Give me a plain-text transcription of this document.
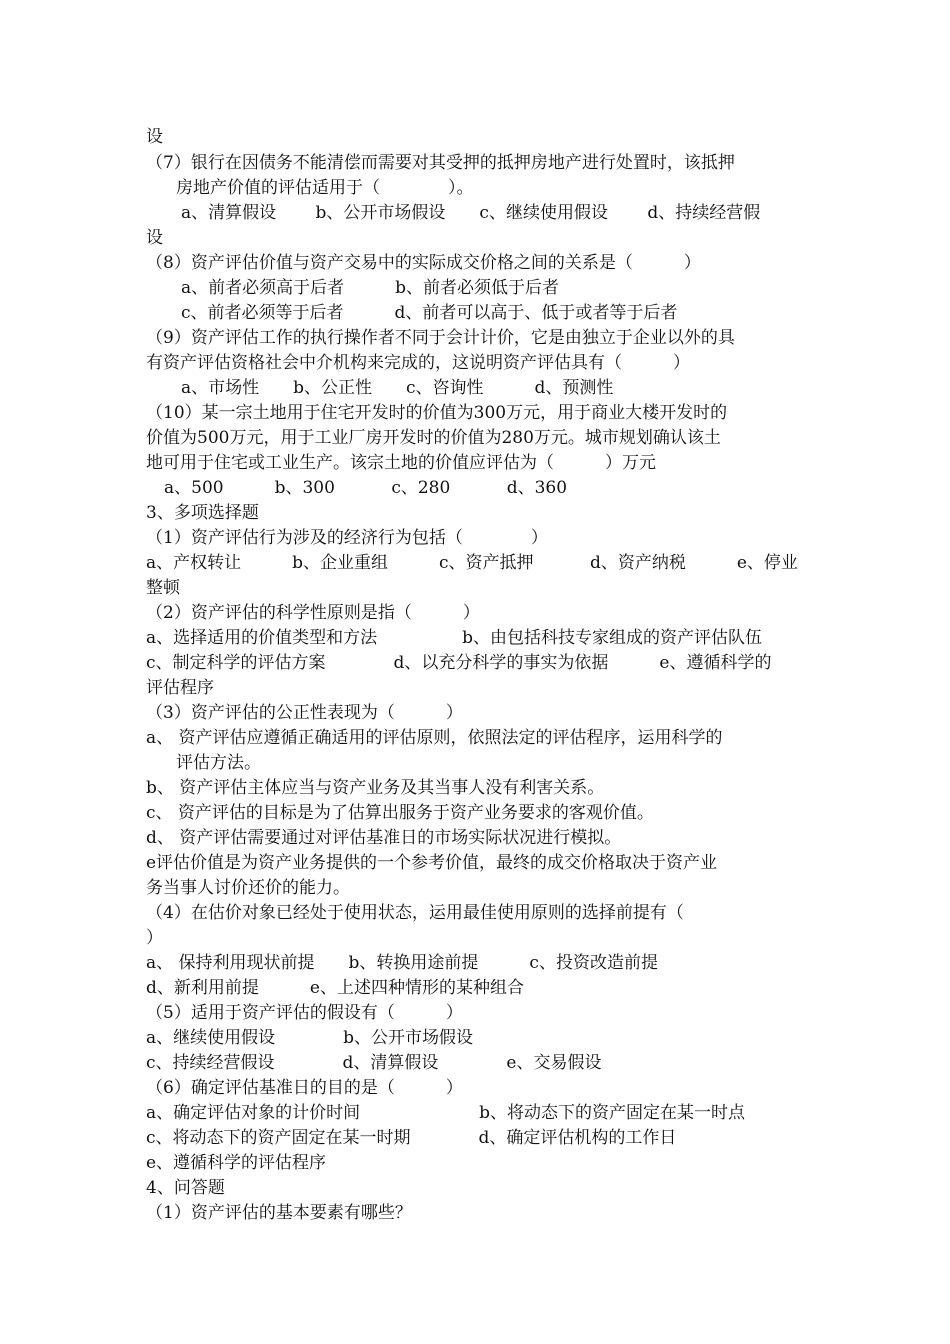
设
（7）银行在因债务不能清偿而需要对其受押的抵押房地产进行处置时，该抵押
房地产价值的评估适用于（　　　　）。
a、清算假设　　 b、公开市场假设　　c、继续使用假设　　 d、持续经营假
设
（8）资产评估价值与资产交易中的实际成交价格之间的关系是（　　　）
a、前者必须高于后者　　　b、前者必须低于后者
c、前者必须等于后者　　　d、前者可以高于、低于或者等于后者
（9）资产评估工作的执行操作者不同于会计计价，它是由独立于企业以外的具
有资产评估资格社会中介机构来完成的，这说明资产评估具有（　　　）
a、市场性　　b、公正性　　c、咨询性　　　d、预测性
（10）某一宗土地用于住宅开发时的价值为300万元，用于商业大楼开发时的
价值为500万元，用于工业厂房开发时的价值为280万元。城市规划确认该土
地可用于住宅或工业生产。该宗土地的价值应评估为（　　　）万元
a、500　　　b、300　　　 c、280　　　 d、360
3、多项选择题
（1）资产评估行为涉及的经济行为包括（　　　　）
a、产权转让　　　b、企业重组　　　c、资产抵押　　　 d、资产纳税　　　e、停业
整顿
（2）资产评估的科学性原则是指（　　　）
a、选择适用的价值类型和方法　　　　　b、由包括科技专家组成的资产评估队伍
c、制定科学的评估方案　　　　d、以充分科学的事实为依据　　　e、遵循科学的
评估程序
（3）资产评估的公正性表现为（　　　）
a、 资产评估应遵循正确适用的评估原则，依照法定的评估程序，运用科学的
评估方法。
b、 资产评估主体应当与资产业务及其当事人没有利害关系。
c、 资产评估的目标是为了估算出服务于资产业务要求的客观价值。
d、 资产评估需要通过对评估基准日的市场实际状况进行模拟。
e评估价值是为资产业务提供的一个参考价值，最终的成交价格取决于资产业
务当事人讨价还价的能力。
（4）在估价对象已经处于使用状态，运用最佳使用原则的选择前提有（
）
a、 保持利用现状前提　　b、转换用途前提　　　c、投资改造前提
d、新利用前提　　　e、上述四种情形的某种组合
（5）适用于资产评估的假设有（　　　）
a、继续使用假设　　　　b、公开市场假设
c、持续经营假设　　　　d、清算假设　　　　e、交易假设
（6）确定评估基准日的目的是（　　　）
a、确定评估对象的计价时间　　　　　　　b、将动态下的资产固定在某一时点
c、将动态下的资产固定在某一时期　　　　d、确定评估机构的工作日
e、遵循科学的评估程序
4、问答题
（1）资产评估的基本要素有哪些？
